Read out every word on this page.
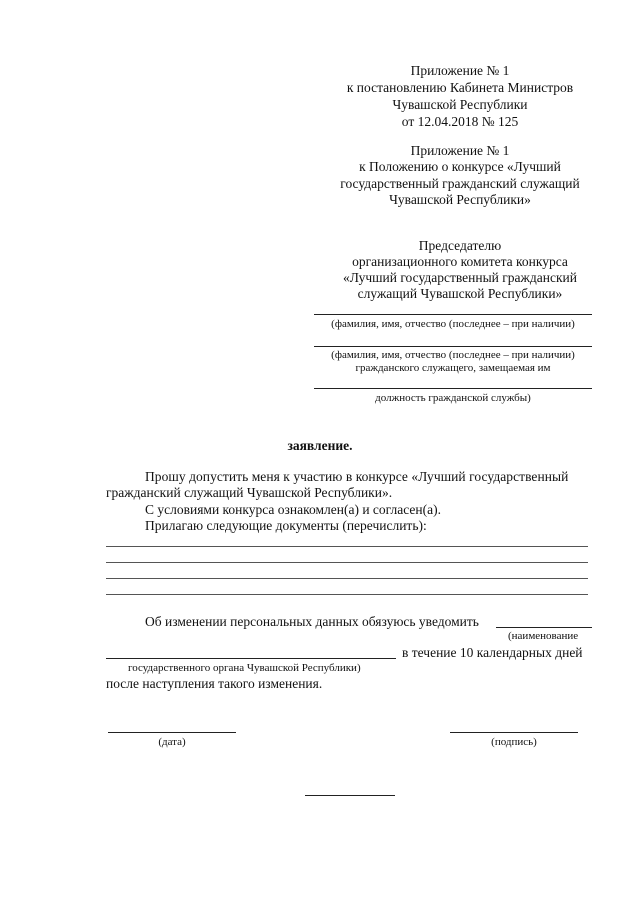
Приложение № 1
к постановлению Кабинета Министров
Чувашской Республики
от 12.04.2018 № 125
Приложение № 1
к Положению о конкурсе «Лучший
государственный гражданский служащий
Чувашской Республики»
Председателю
организационного комитета конкурса
«Лучший государственный гражданский
служащий Чувашской Республики»
(фамилия, имя, отчество (последнее – при наличии)
(фамилия, имя, отчество (последнее – при наличии)
гражданского служащего, замещаемая им
должность гражданской службы)
заявление.
Прошу допустить меня к участию в конкурсе «Лучший государственный
гражданский служащий Чувашской Республики».
С условиями конкурса ознакомлен(а) и согласен(а).
Прилагаю следующие документы (перечислить):
Об изменении персональных данных обязуюсь уведомить
(наименование
в течение 10 календарных дней
государственного органа Чувашской Республики)
после наступления такого изменения.
(дата)	(подпись)
